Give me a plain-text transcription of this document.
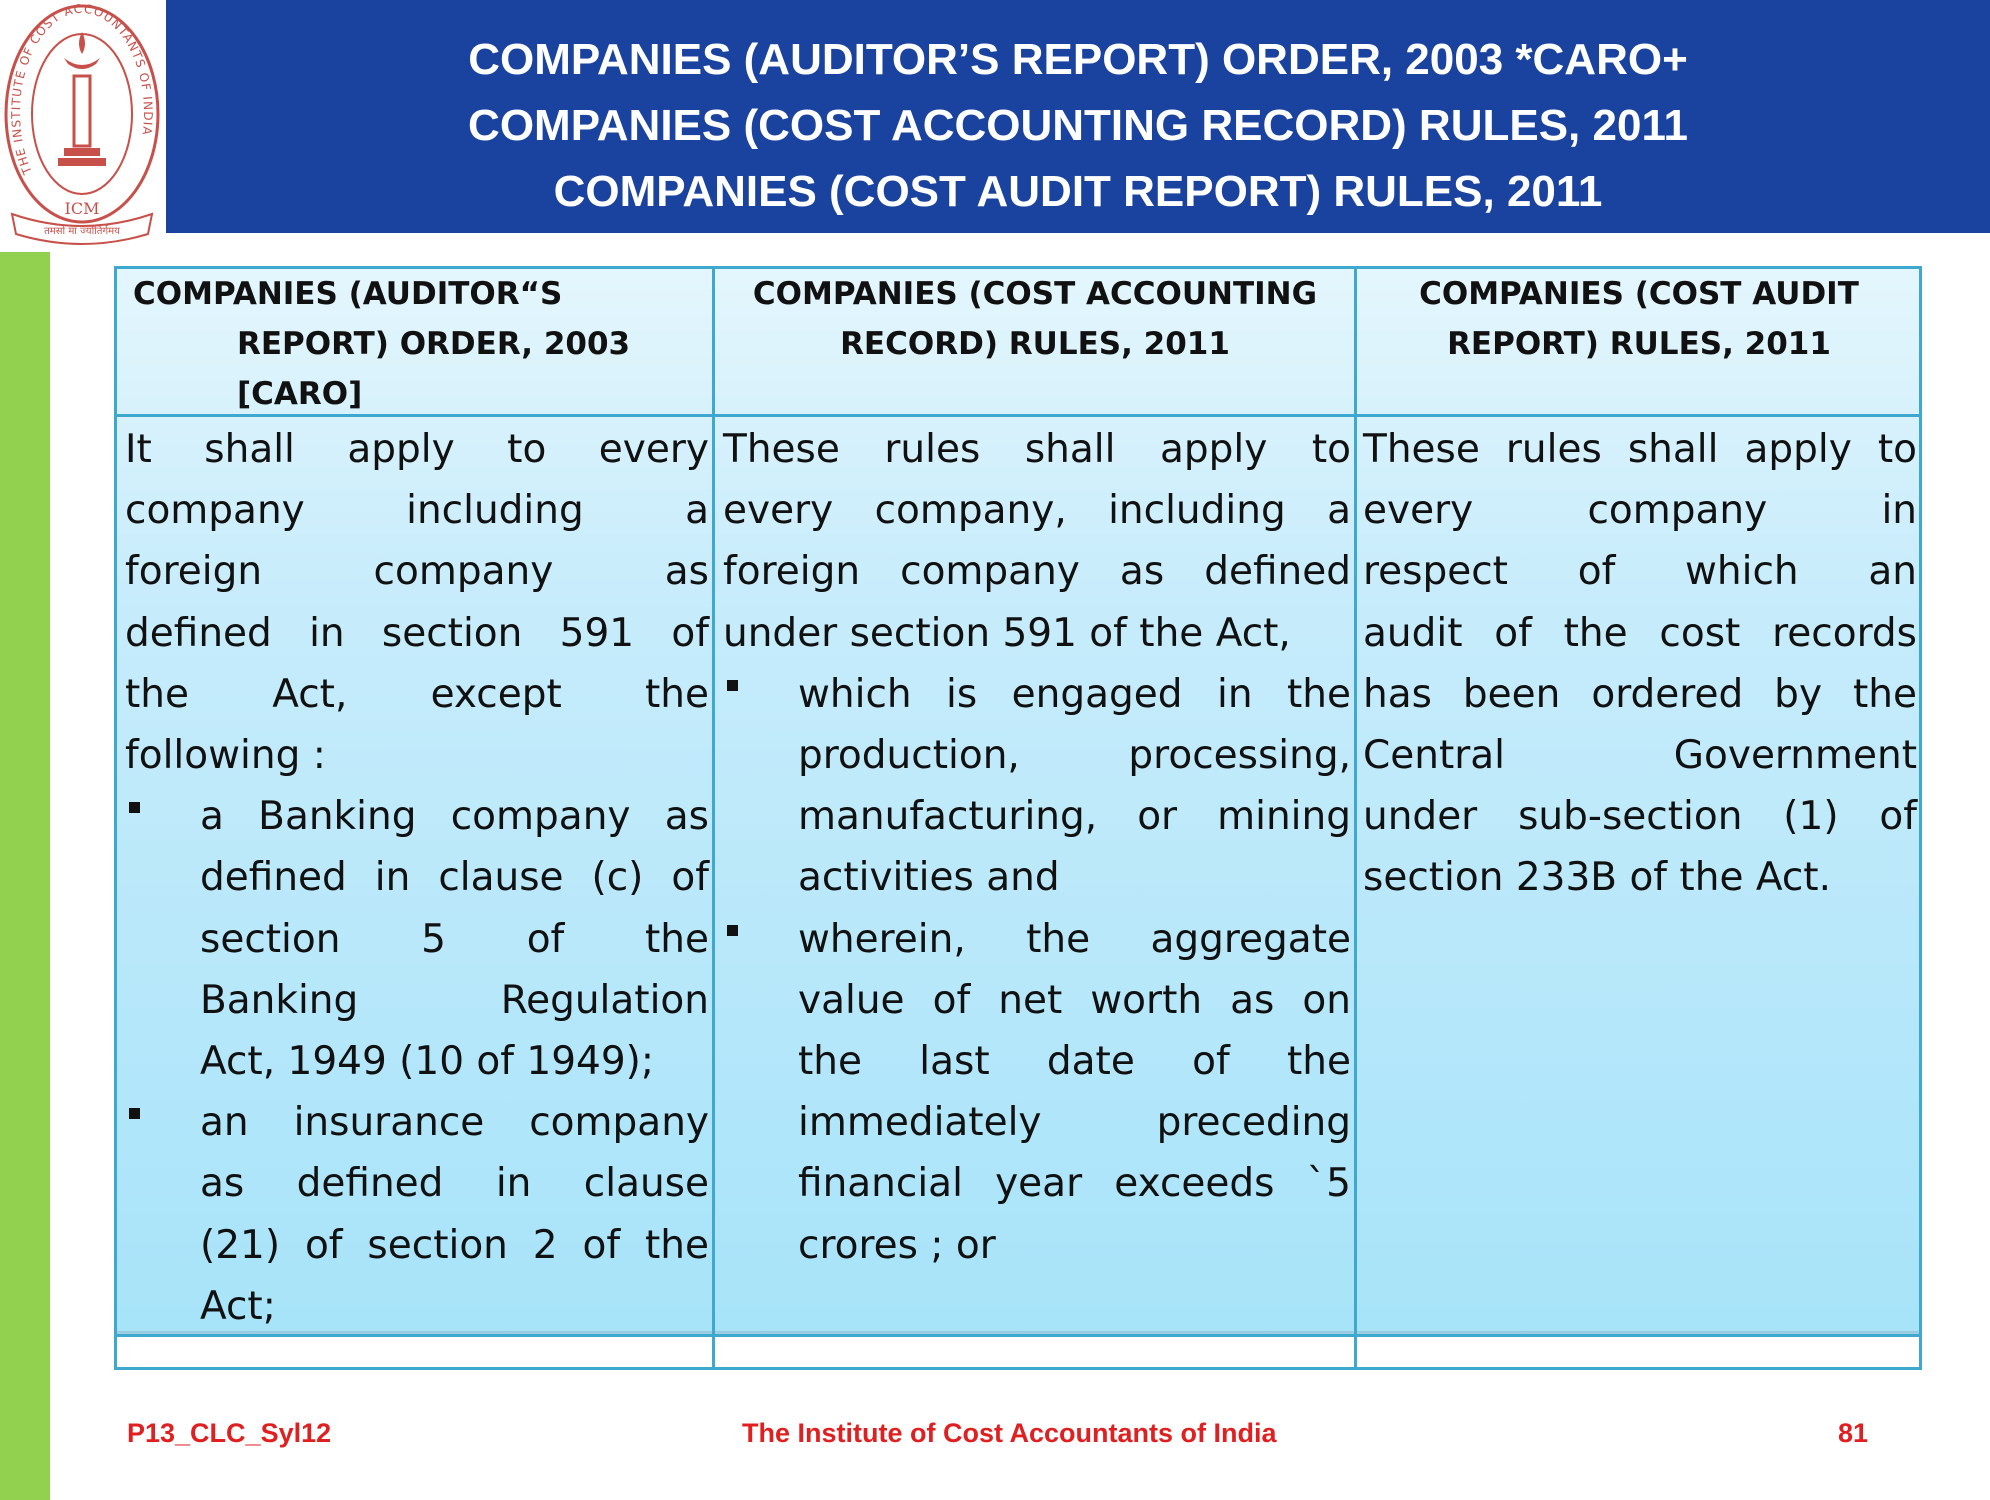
THE INSTITUTE OF COST ACCOUNTANTS OF INDIA
तमसो मा ज्योतिर्गमय
ICM
COMPANIES (AUDITOR’S REPORT) ORDER, 2003 *CARO+
COMPANIES (COST ACCOUNTING RECORD) RULES, 2011
COMPANIES (COST AUDIT REPORT) RULES, 2011
COMPANIES (AUDITOR“S
REPORT) ORDER, 2003
[CARO]
COMPANIES (COST ACCOUNTING
RECORD) RULES, 2011
COMPANIES (COST AUDIT
REPORT) RULES, 2011
It shall apply to every
company including a
foreign company as
defined in section 591 of
the Act, except the
following :
a Banking company as
defined in clause (c) of
section 5 of the
Banking Regulation
Act, 1949 (10 of 1949);
an insurance company
as defined in clause
(21) of section 2 of the
Act;
These rules shall apply to
every company, including a
foreign company as defined
under section 591 of the Act,
which is engaged in the
production, processing,
manufacturing, or mining
activities and
wherein, the aggregate
value of net worth as on
the last date of the
immediately preceding
financial year exceeds `5
crores ; or
These rules shall apply to
every company in
respect of which an
audit of the cost records
has been ordered by the
Central Government
under sub-section (1) of
section 233B of the Act.
P13_CLC_Syl12	The Institute of Cost Accountants of India	81
